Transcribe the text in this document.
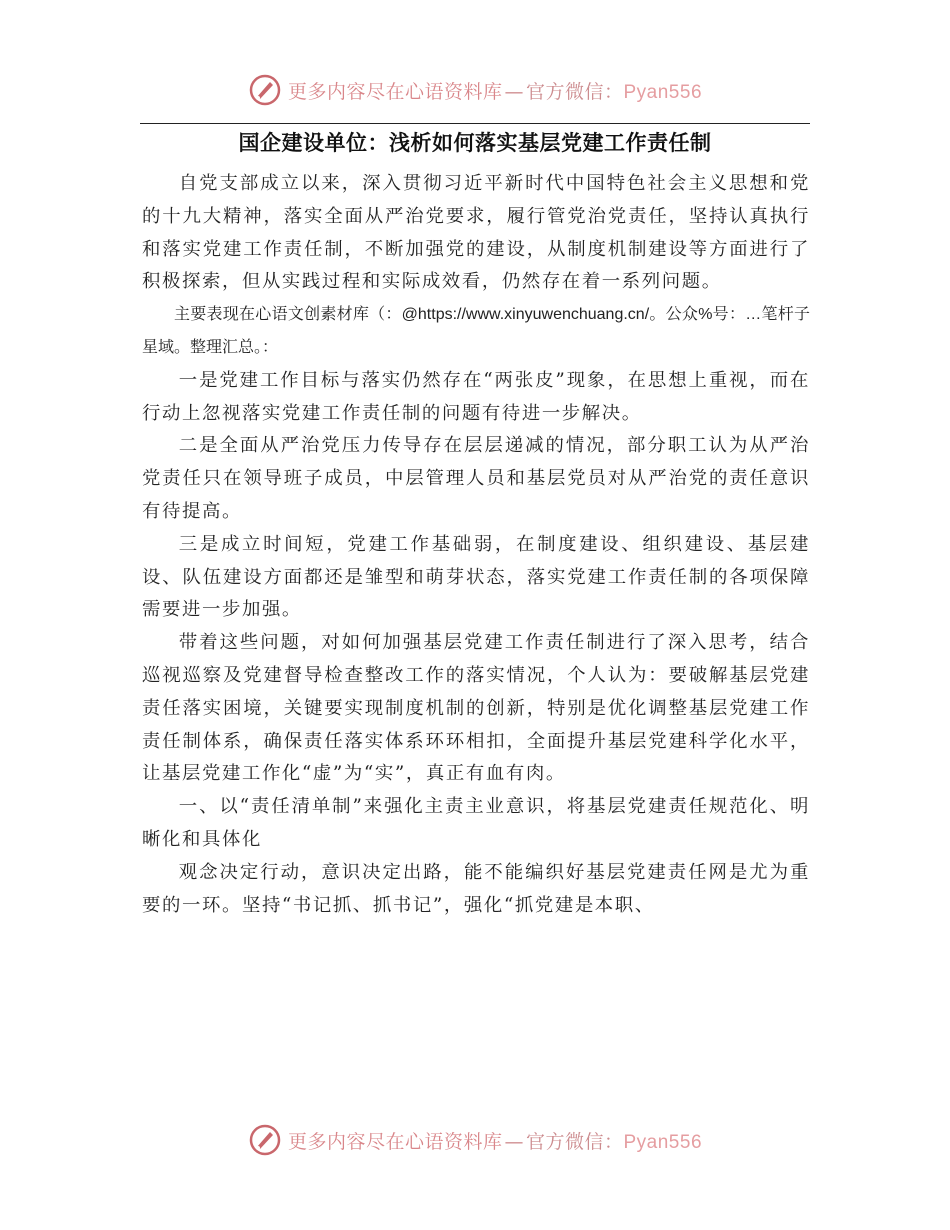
更多内容尽在心语资料库 — 官方微信：Pyan556
国企建设单位：浅析如何落实基层党建工作责任制

自党支部成立以来，深入贯彻习近平新时代中国特色社会主义思想和党的十九大精神，落实全面从严治党要求，履行管党治党责任，坚持认真执行和落实党建工作责任制，不断加强党的建设，从制度机制建设等方面进行了积极探索，但从实践过程和实际成效看，仍然存在着一系列问题。

主要表现在心语文创素材库（：@https://www.xinyuwenchuang.cn/。公众%号：…笔杆子星域。整理汇总。：

一是党建工作目标与落实仍然存在“两张皮”现象，在思想上重视，而在行动上忽视落实党建工作责任制的问题有待进一步解决。

二是全面从严治党压力传导存在层层递减的情况，部分职工认为从严治党责任只在领导班子成员，中层管理人员和基层党员对从严治党的责任意识有待提高。

三是成立时间短，党建工作基础弱，在制度建设、组织建设、基层建设、队伍建设方面都还是雏型和萌芽状态，落实党建工作责任制的各项保障需要进一步加强。

带着这些问题，对如何加强基层党建工作责任制进行了深入思考，结合巡视巡察及党建督导检查整改工作的落实情况，个人认为：要破解基层党建责任落实困境，关键要实现制度机制的创新，特别是优化调整基层党建工作责任制体系，确保责任落实体系环环相扣，全面提升基层党建科学化水平，让基层党建工作化“虚”为“实”，真正有血有肉。

一、以“责任清单制”来强化主责主业意识，将基层党建责任规范化、明晰化和具体化

观念决定行动，意识决定出路，能不能编织好基层党建责任网是尤为重要的一环。坚持“书记抓、抓书记”，强化“抓党建是本职、

更多内容尽在心语资料库 — 官方微信：Pyan556
